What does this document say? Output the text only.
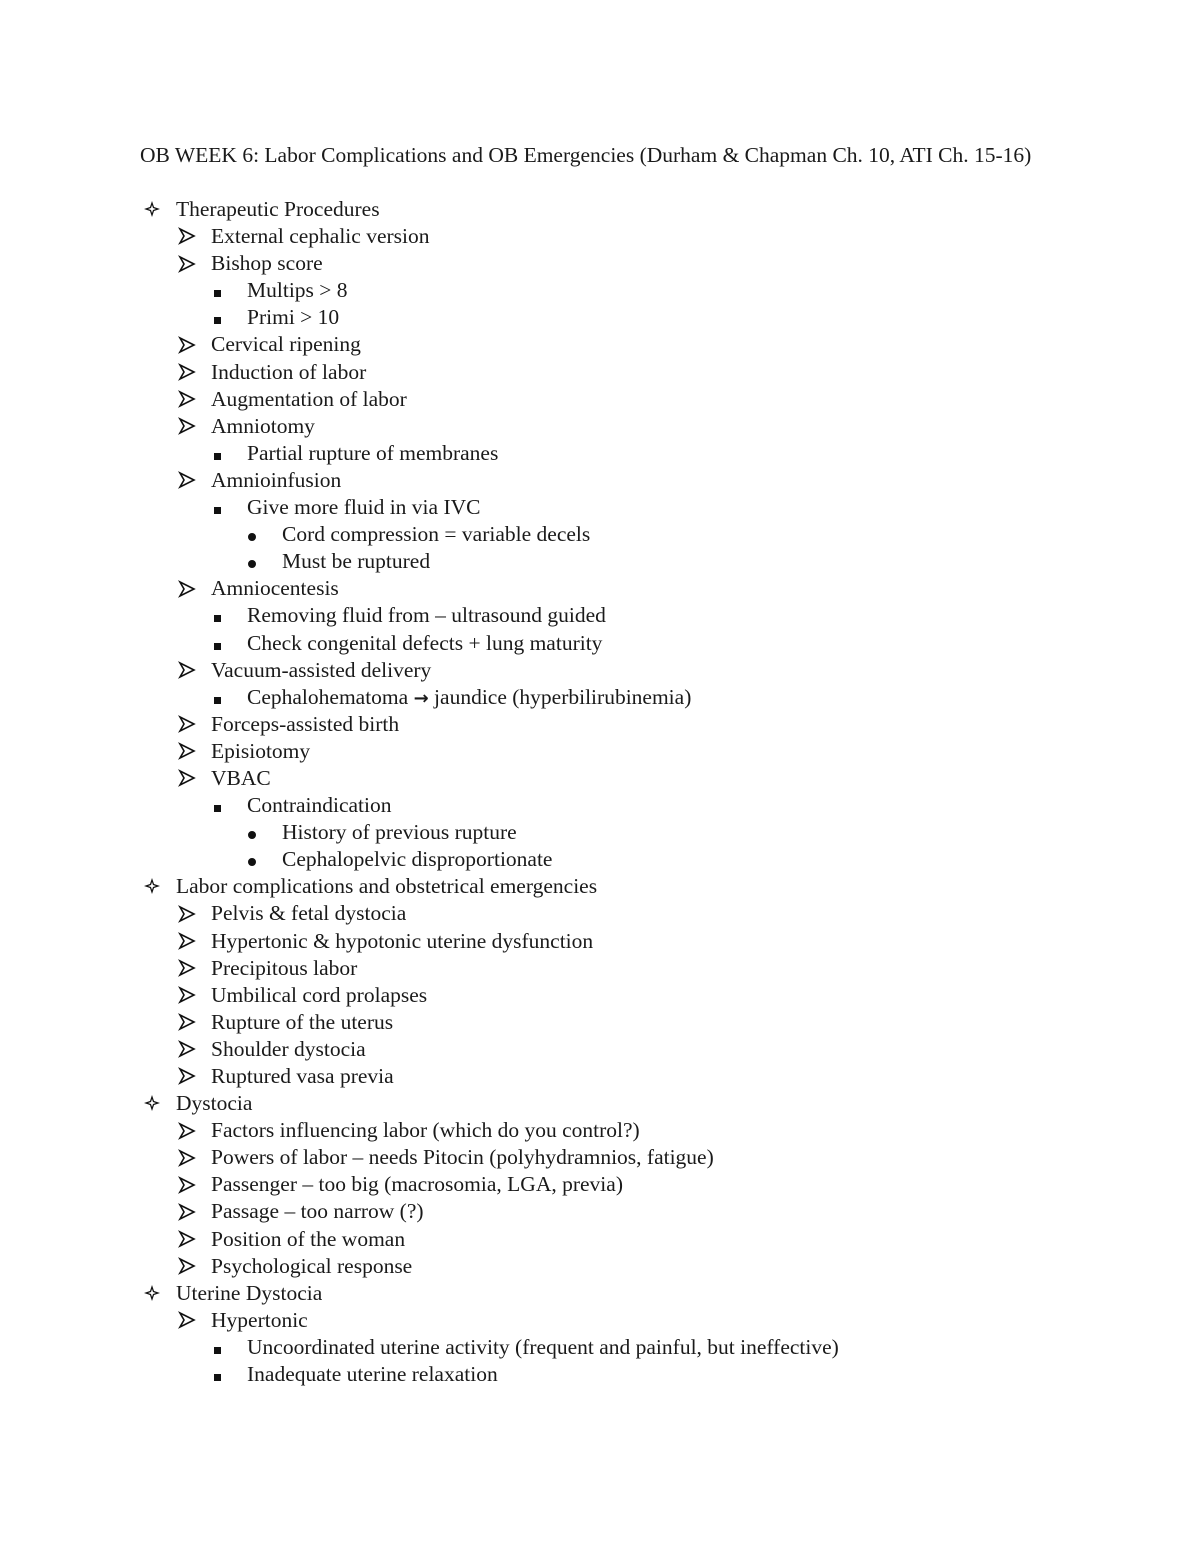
OB WEEK 6: Labor Complications and OB Emergencies (Durham & Chapman Ch. 10, ATI Ch. 15-16)
Therapeutic Procedures
External cephalic version
Bishop score
Multips > 8
Primi > 10
Cervical ripening
Induction of labor
Augmentation of labor
Amniotomy
Partial rupture of membranes
Amnioinfusion
Give more fluid in via IVC
Cord compression = variable decels
Must be ruptured
Amniocentesis
Removing fluid from – ultrasound guided
Check congenital defects + lung maturity
Vacuum-assisted delivery
Cephalohematoma → jaundice (hyperbilirubinemia)
Forceps-assisted birth
Episiotomy
VBAC
Contraindication
History of previous rupture
Cephalopelvic disproportionate
Labor complications and obstetrical emergencies
Pelvis & fetal dystocia
Hypertonic & hypotonic uterine dysfunction
Precipitous labor
Umbilical cord prolapses
Rupture of the uterus
Shoulder dystocia
Ruptured vasa previa
Dystocia
Factors influencing labor (which do you control?)
Powers of labor – needs Pitocin (polyhydramnios, fatigue)
Passenger – too big (macrosomia, LGA, previa)
Passage – too narrow (?)
Position of the woman
Psychological response
Uterine Dystocia
Hypertonic
Uncoordinated uterine activity (frequent and painful, but ineffective)
Inadequate uterine relaxation
